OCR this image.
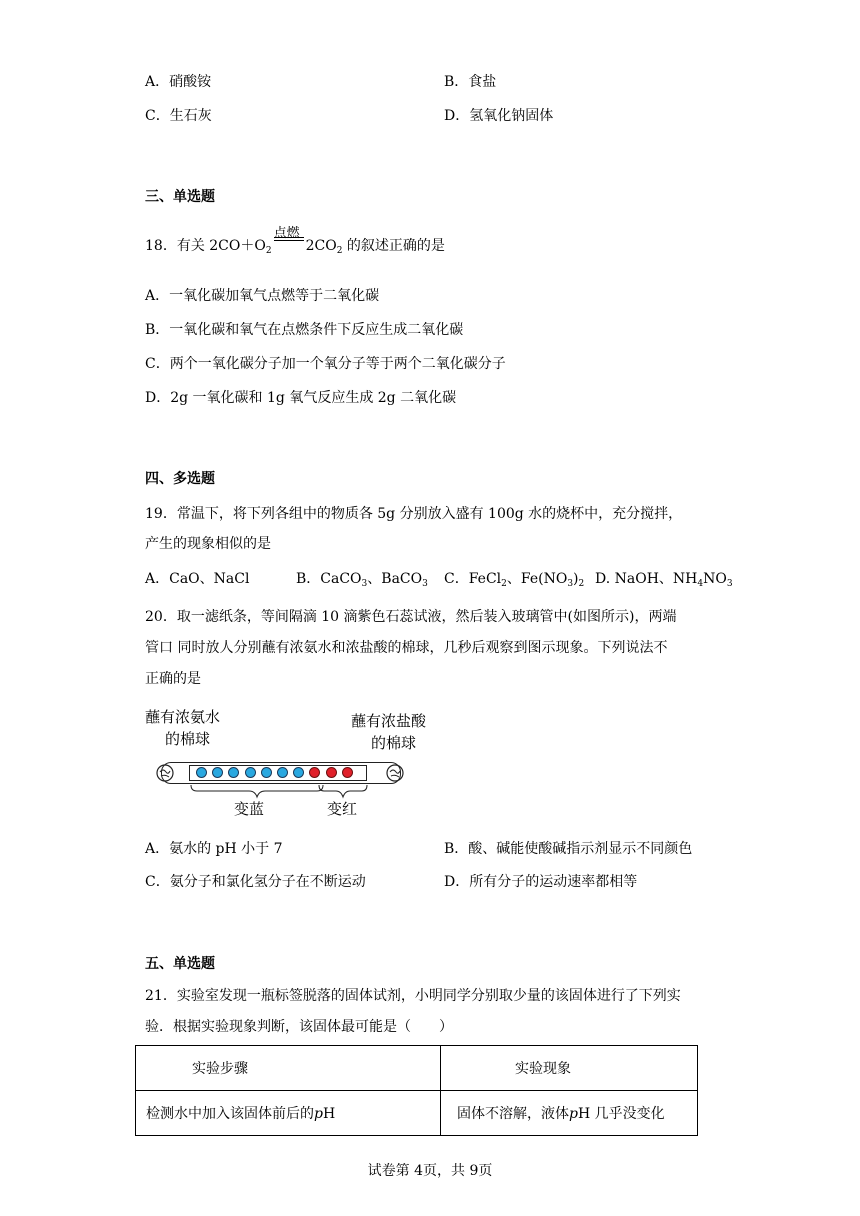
A．硝酸铵	B．食盐
C．生石灰	D．氢氧化钠固体
三、单选题
18．有关 $2CO+O_2$
点燃
$2CO_2$ 的叙述正确的是
A．一氧化碳加氧气点燃等于二氧化碳
B．一氧化碳和氧气在点燃条件下反应生成二氧化碳
C．两个一氧化碳分子加一个氧分子等于两个二氧化碳分子
D．2g 一氧化碳和 1g 氧气反应生成 2g 二氧化碳
四、多选题
19．常温下，将下列各组中的物质各 5g 分别放入盛有 100g 水的烧杯中，充分搅拌，
产生的现象相似的是
A．CaO、NaCl	B．CaCO$_3$、BaCO$_3$ C．FeCl$_2$、$Fe(NO_3)_2$ D. NaOH、$NH_4NO_3$
20．取一滤纸条，等间隔滴 10 滴紫色石蕊试液，然后装入玻璃管中(如图所示)，两端
管口 同时放人分别蘸有浓氨水和浓盐酸的棉球，几秒后观察到图示现象。下列说法不
正确的是
蘸有浓氨水
的棉球
蘸有浓盐酸
的棉球
变蓝	变红
A．氨水的 pH 小于 7	B．酸、碱能使酸碱指示剂显示不同颜色
C．氨分子和氯化氢分子在不断运动	D．所有分子的运动速率都相等
五、单选题
21．实验室发现一瓶标签脱落的固体试剂，小明同学分别取少量的该固体进行了下列实
验．根据实验现象判断，该固体最可能是（　　）
实验步骤	实验现象
检测水中加入该固体前后的pH	固体不溶解，液体pH 几乎没变化
试卷第 4页，共 9页
